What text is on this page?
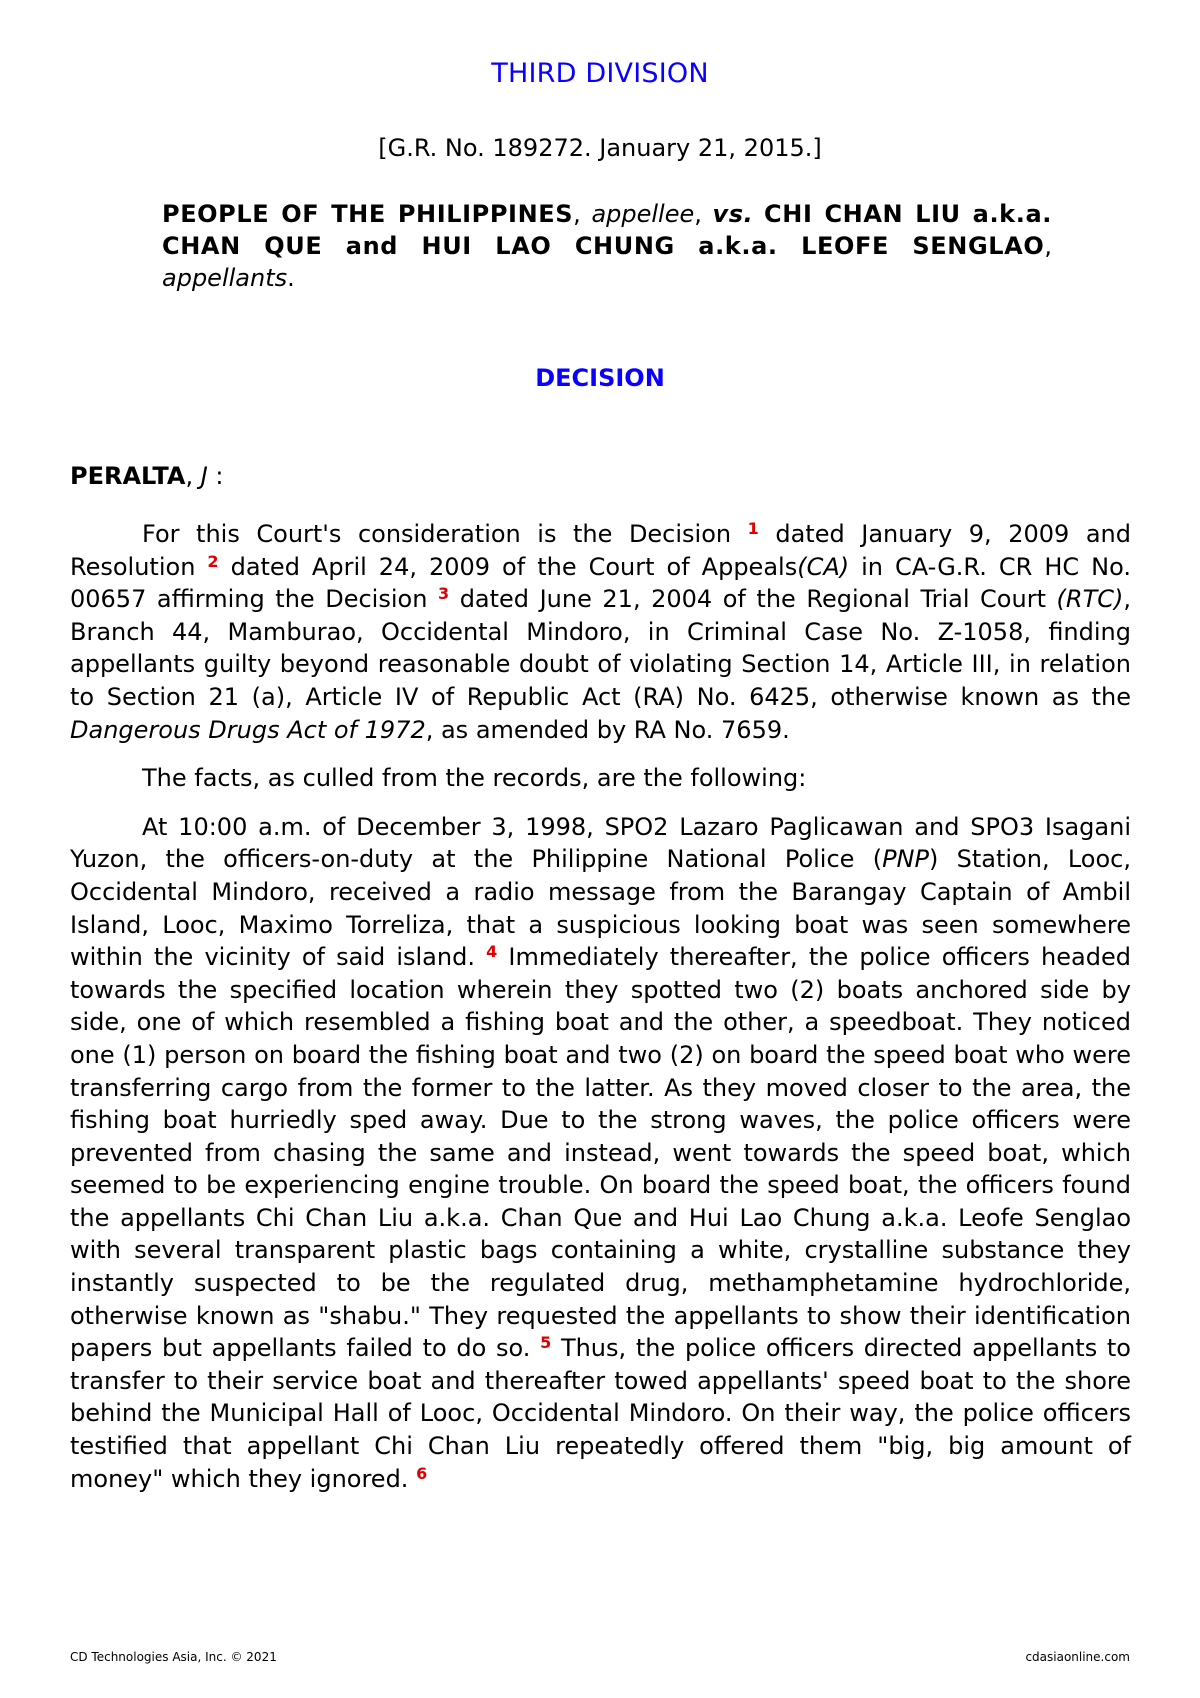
THIRD DIVISION
[G.R. No. 189272. January 21, 2015.]
PEOPLE OF THE PHILIPPINES, appellee, vs. CHI CHAN LIU a.k.a. CHAN QUE and HUI LAO CHUNG a.k.a. LEOFE SENGLAO, appellants.
DECISION
PERALTA, J :

For this Court's consideration is the Decision $^1$ dated January 9, 2009 and Resolution $^2$ dated April 24, 2009 of the Court of Appeals(CA) in CA-G.R. CR HC No. 00657 affirming the Decision $^3$ dated June 21, 2004 of the Regional Trial Court (RTC), Branch 44, Mamburao, Occidental Mindoro, in Criminal Case No. Z-1058, finding appellants guilty beyond reasonable doubt of violating Section 14, Article III, in relation to Section 21 (a), Article IV of Republic Act (RA) No. 6425, otherwise known as the Dangerous Drugs Act of 1972, as amended by RA No. 7659.

The facts, as culled from the records, are the following:

At 10:00 a.m. of December 3, 1998, SPO2 Lazaro Paglicawan and SPO3 Isagani Yuzon, the officers-on-duty at the Philippine National Police (PNP) Station, Looc, Occidental Mindoro, received a radio message from the Barangay Captain of Ambil Island, Looc, Maximo Torreliza, that a suspicious looking boat was seen somewhere within the vicinity of said island. $^4$ Immediately thereafter, the police officers headed towards the specified location wherein they spotted two (2) boats anchored side by side, one of which resembled a fishing boat and the other, a speedboat. They noticed one (1) person on board the fishing boat and two (2) on board the speed boat who were transferring cargo from the former to the latter. As they moved closer to the area, the fishing boat hurriedly sped away. Due to the strong waves, the police officers were prevented from chasing the same and instead, went towards the speed boat, which seemed to be experiencing engine trouble. On board the speed boat, the officers found the appellants Chi Chan Liu a.k.a. Chan Que and Hui Lao Chung a.k.a. Leofe Senglao with several transparent plastic bags containing a white, crystalline substance they instantly suspected to be the regulated drug, methamphetamine hydrochloride, otherwise known as "shabu." They requested the appellants to show their identification papers but appellants failed to do so. $^5$ Thus, the police officers directed appellants to transfer to their service boat and thereafter towed appellants' speed boat to the shore behind the Municipal Hall of Looc, Occidental Mindoro. On their way, the police officers testified that appellant Chi Chan Liu repeatedly offered them "big, big amount of money" which they ignored. $^6$

CD Technologies Asia, Inc. © 2021	cdasiaonline.com
